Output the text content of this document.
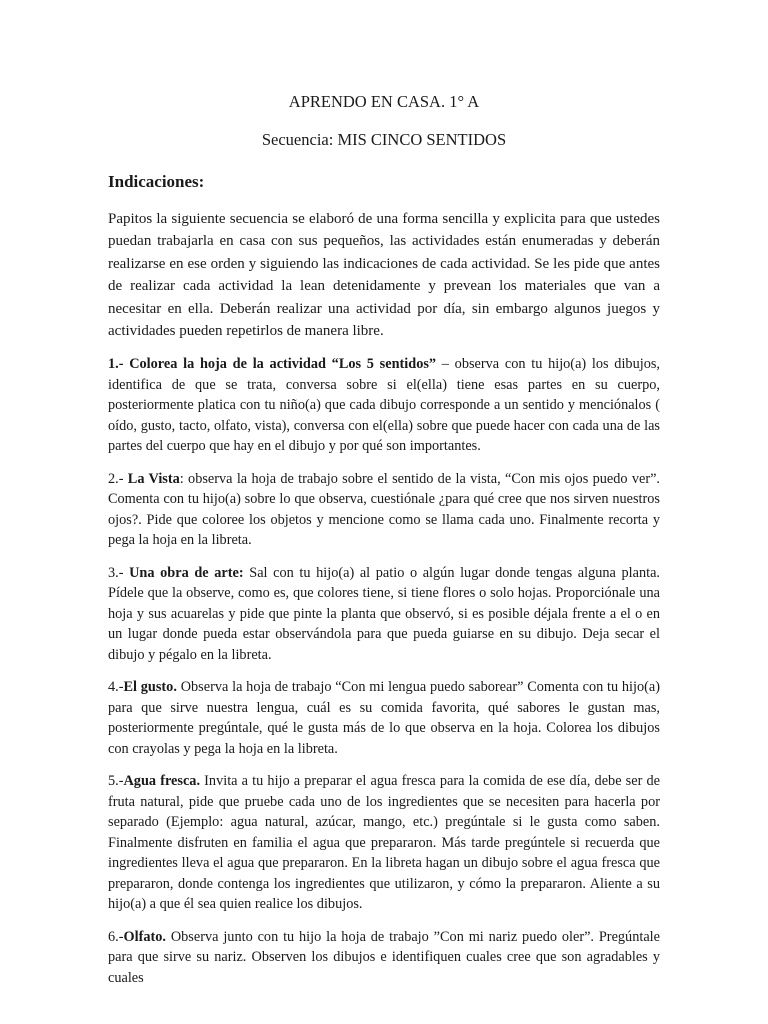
APRENDO EN CASA. 1° A

Secuencia: MIS CINCO SENTIDOS

Indicaciones:

Papitos la siguiente secuencia se elaboró de una forma sencilla y explicita para que ustedes puedan trabajarla en casa con sus pequeños, las actividades están enumeradas y deberán realizarse en ese orden y siguiendo las indicaciones de cada actividad. Se les pide que antes de realizar cada actividad la lean detenidamente y prevean los materiales que van a necesitar en ella. Deberán realizar una actividad por día, sin embargo algunos juegos y actividades pueden repetirlos de manera libre.

1.- Colorea la hoja de la actividad “Los 5 sentidos” – observa con tu hijo(a) los dibujos, identifica de que se trata, conversa sobre si el(ella) tiene esas partes en su cuerpo, posteriormente platica con tu niño(a) que cada dibujo corresponde a un sentido y menciónalos ( oído, gusto, tacto, olfato, vista), conversa con el(ella) sobre que puede hacer con cada una de las partes del cuerpo que hay en el dibujo y por qué son importantes.

2.- La Vista: observa la hoja de trabajo sobre el sentido de la vista, “Con mis ojos puedo ver”. Comenta con tu hijo(a) sobre lo que observa, cuestiónale ¿para qué cree que nos sirven nuestros ojos?. Pide que coloree los objetos y mencione como se llama cada uno. Finalmente recorta y pega la hoja en la libreta.

3.- Una obra de arte: Sal con tu hijo(a) al patio o algún lugar donde tengas alguna planta. Pídele que la observe, como es, que colores tiene, si tiene flores o solo hojas. Proporciónale una hoja y sus acuarelas y pide que pinte la planta que observó, si es posible déjala frente a el o en un lugar donde pueda estar observándola para que pueda guiarse en su dibujo. Deja secar el dibujo y pégalo en la libreta.

4.-El gusto. Observa la hoja de trabajo “Con mi lengua puedo saborear” Comenta con tu hijo(a) para que sirve nuestra lengua, cuál es su comida favorita, qué sabores le gustan mas, posteriormente pregúntale, qué le gusta más de lo que observa en la hoja. Colorea los dibujos con crayolas y pega la hoja en la libreta.

5.-Agua fresca. Invita a tu hijo a preparar el agua fresca para la comida de ese día, debe ser de fruta natural, pide que pruebe cada uno de los ingredientes que se necesiten para hacerla por separado (Ejemplo: agua natural, azúcar, mango, etc.) pregúntale si le gusta como saben. Finalmente disfruten en familia el agua que prepararon. Más tarde pregúntele si recuerda que ingredientes lleva el agua que prepararon. En la libreta hagan un dibujo sobre el agua fresca que prepararon, donde contenga los ingredientes que utilizaron, y cómo la prepararon. Aliente a su hijo(a) a que él sea quien realice los dibujos.

6.-Olfato. Observa junto con tu hijo la hoja de trabajo ”Con mi nariz puedo oler”. Pregúntale para que sirve su nariz. Observen los dibujos e identifiquen cuales cree que son agradables y cuales
